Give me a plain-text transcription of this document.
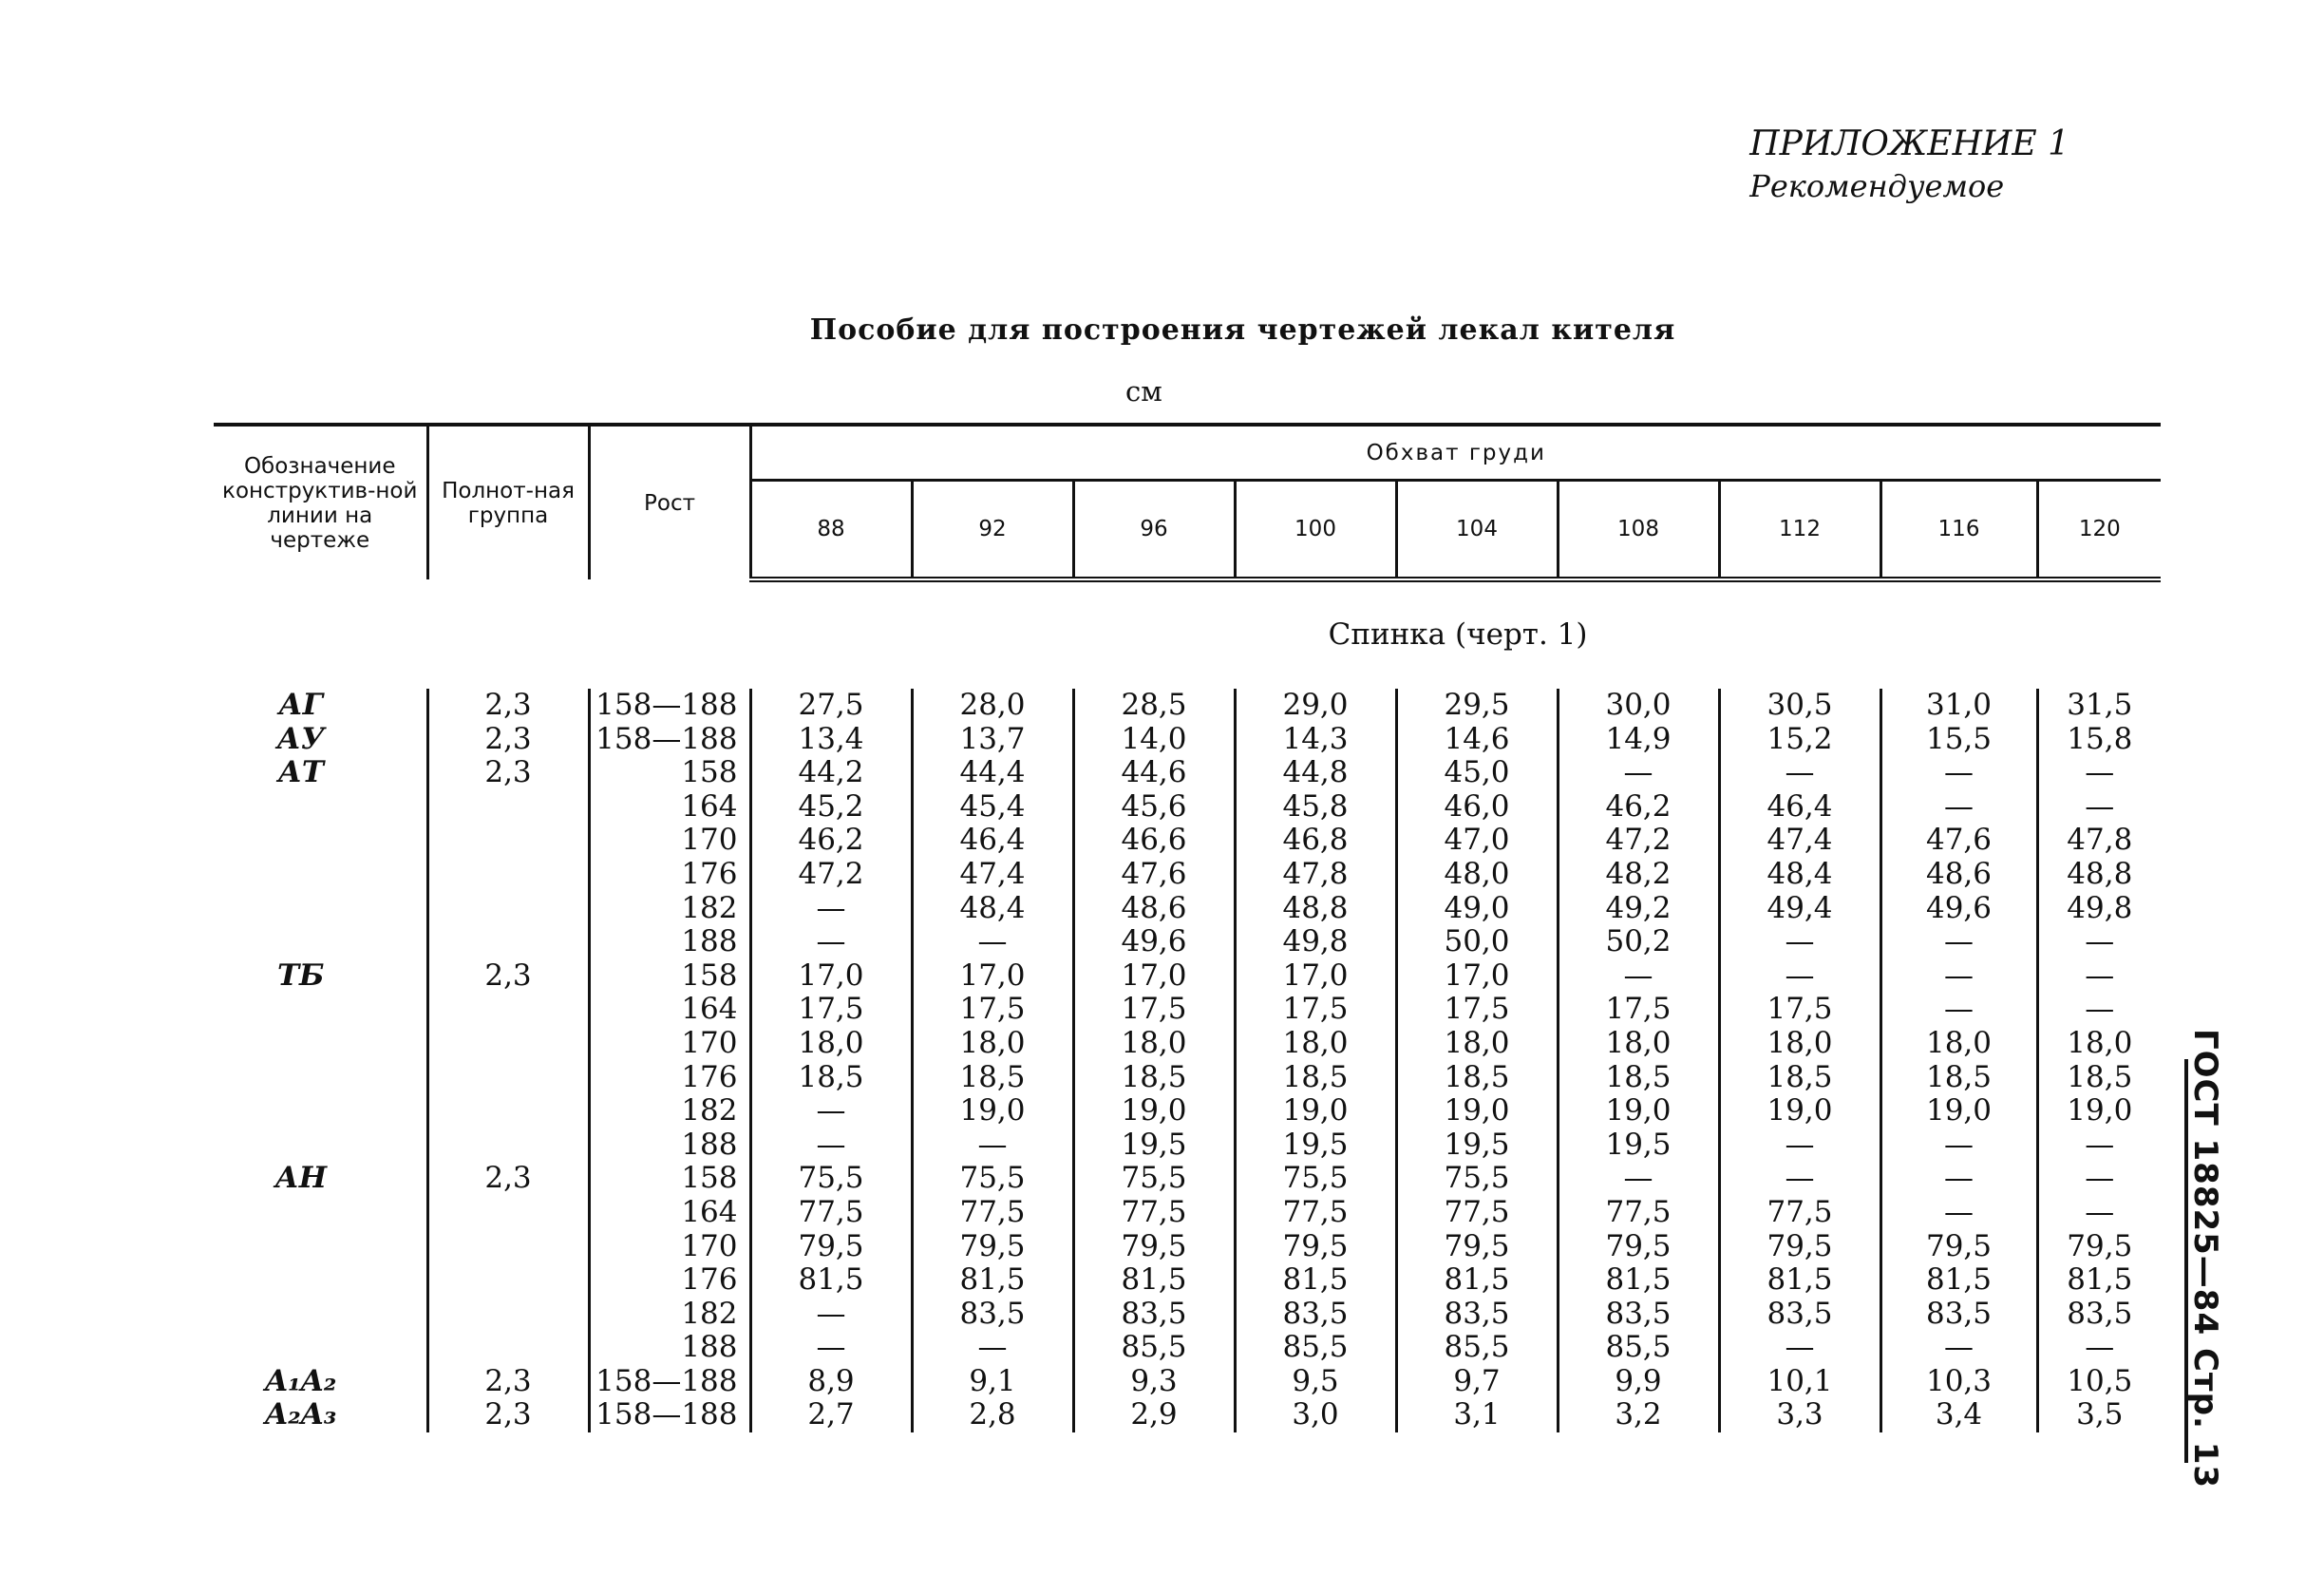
ПРИЛОЖЕНИЕ 1
Рекомендуемое
Пособие для построения чертежей лекал кителя
см
Обозначение конструктив-ной линии на чертеже	Полнот-ная группа	Рост	Обхват груди								
			88	92	96	100	104	108	112	116	120
Спинка (черт. 1)											
АГ	2,3	158—188	27,5	28,0	28,5	29,0	29,5	30,0	30,5	31,0	31,5
АУ	2,3	158—188	13,4	13,7	14,0	14,3	14,6	14,9	15,2	15,5	15,8
АТ	2,3	158	44,2	44,4	44,6	44,8	45,0	—	—	—	—
		164	45,2	45,4	45,6	45,8	46,0	46,2	46,4	—	—
		170	46,2	46,4	46,6	46,8	47,0	47,2	47,4	47,6	47,8
		176	47,2	47,4	47,6	47,8	48,0	48,2	48,4	48,6	48,8
		182	—	48,4	48,6	48,8	49,0	49,2	49,4	49,6	49,8
		188	—	—	49,6	49,8	50,0	50,2	—	—	—
ТБ	2,3	158	17,0	17,0	17,0	17,0	17,0	—	—	—	—
		164	17,5	17,5	17,5	17,5	17,5	17,5	17,5	—	—
		170	18,0	18,0	18,0	18,0	18,0	18,0	18,0	18,0	18,0
		176	18,5	18,5	18,5	18,5	18,5	18,5	18,5	18,5	18,5
		182	—	19,0	19,0	19,0	19,0	19,0	19,0	19,0	19,0
		188	—	—	19,5	19,5	19,5	19,5	—	—	—
АН	2,3	158	75,5	75,5	75,5	75,5	75,5	—	—	—	—
		164	77,5	77,5	77,5	77,5	77,5	77,5	77,5	—	—
		170	79,5	79,5	79,5	79,5	79,5	79,5	79,5	79,5	79,5
		176	81,5	81,5	81,5	81,5	81,5	81,5	81,5	81,5	81,5
		182	—	83,5	83,5	83,5	83,5	83,5	83,5	83,5	83,5
		188	—	—	85,5	85,5	85,5	85,5	—	—	—
A₁A₂	2,3	158—188	8,9	9,1	9,3	9,5	9,7	9,9	10,1	10,3	10,5
A₂A₃	2,3	158—188	2,7	2,8	2,9	3,0	3,1	3,2	3,3	3,4	3,5 ГОСТ 18825—84 Стр. 13
